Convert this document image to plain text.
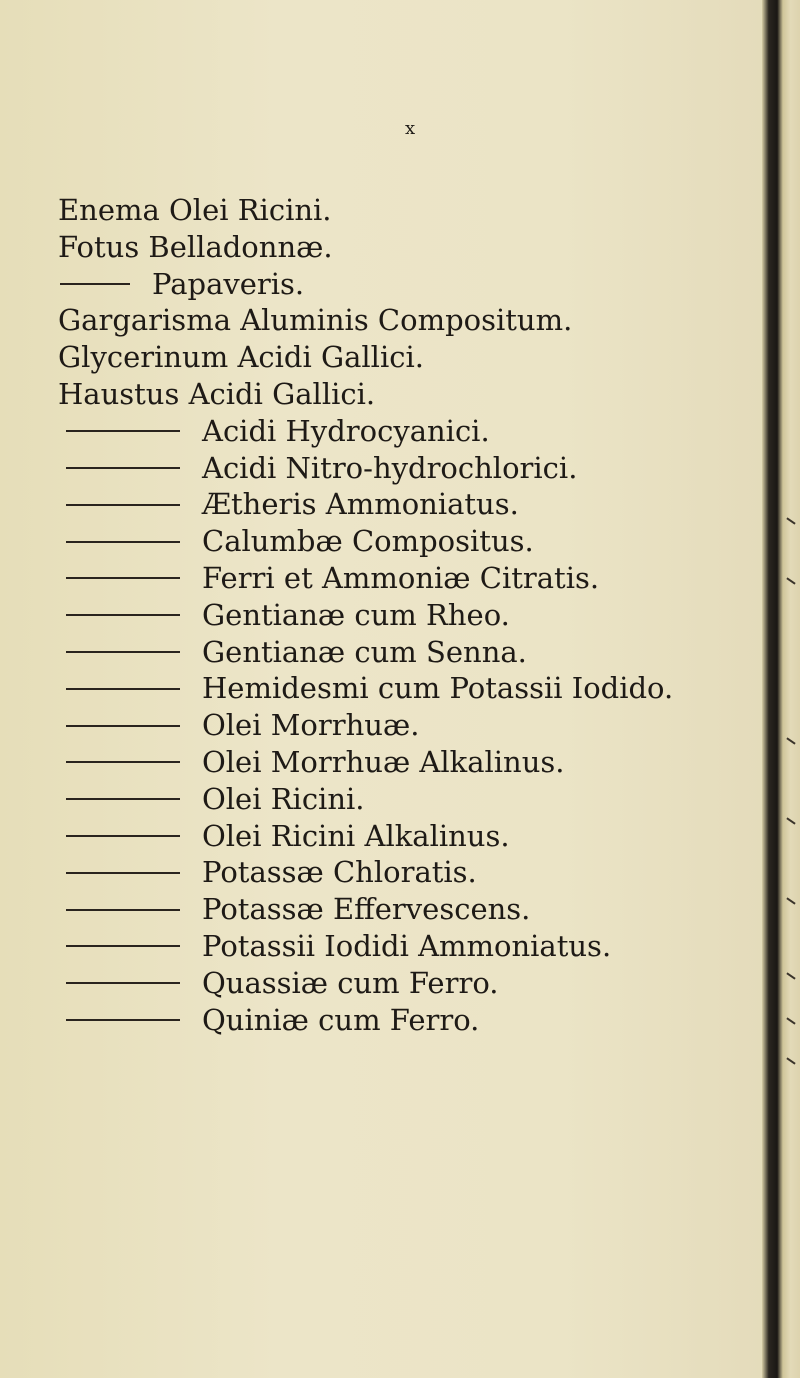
x
Enema Olei Ricini.
Fotus Belladonnæ.
Papaveris.
Gargarisma Aluminis Compositum.
Glycerinum Acidi Gallici.
Haustus Acidi Gallici.
Acidi Hydrocyanici.
Acidi Nitro-hydrochlorici.
Ætheris Ammoniatus.
Calumbæ Compositus.
Ferri et Ammoniæ Citratis.
Gentianæ cum Rheo.
Gentianæ cum Senna.
Hemidesmi cum Potassii Iodido.
Olei Morrhuæ.
Olei Morrhuæ Alkalinus.
Olei Ricini.
Olei Ricini Alkalinus.
Potassæ Chloratis.
Potassæ Effervescens.
Potassii Iodidi Ammoniatus.
Quassiæ cum Ferro.
Quiniæ cum Ferro.
